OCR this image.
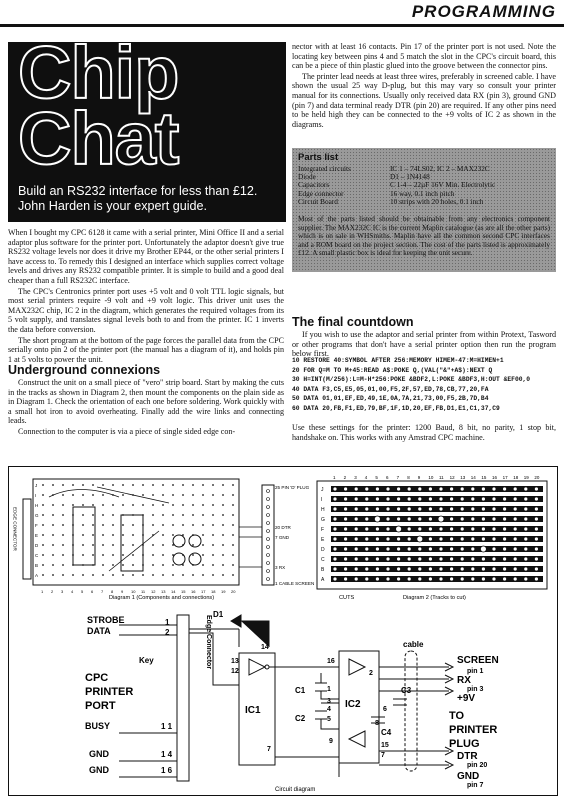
PROGRAMMING
Chip
Chat
Build an RS232 interface for less than £12. John Harden is your expert guide.

When I bought my CPC 6128 it came with a serial printer, Mini Office II and a serial adaptor plus software for the printer port. Unfortunately the adaptor doesn't give true RS232 voltage levels nor does it drive my Brother EP44, or the other serial printers I have access to. To remedy this I designed an interface which supplies correct voltage levels and drives any RS232 compatible printer. It is simple to build and a good deal cheaper than a full RS232C interface.

The CPC's Centronics printer port uses +5 volt and 0 volt TTL logic signals, but most serial printers require -9 volt and +9 volt logic. This driver unit uses the MAX232C chip, IC 2 in the diagram, which generates the required voltages from its 5 volt supply, and translates signal levels both to and from the printer. IC 1 inverts the data before conversion.

The short program at the bottom of the page forces the parallel data from the CPC serially onto pin 2 of the printer port (the manual has a diagram of it), and holds pin 1 at 5 volts to power the unit.

Underground connexions

Construct the unit on a small piece of "vero" strip board. Start by making the cuts in the tracks as shown in Diagram 2, then mount the components on the plain side as in Diagram 1. Check the orientation of each one before soldering. Work quickly with a small hot iron to avoid overheating. Finally add the wire links and connecting leads.

Connection to the computer is via a piece of single sided edge con-

nector with at least 16 contacts. Pin 17 of the printer port is not used. Note the locating key between pins 4 and 5 match the slot in the CPC's circuit board, this can be a piece of thin plastic glued into the groove between the connector pins.

The printer lead needs at least three wires, preferably in screened cable. I have shown the usual 25 way D-plug, but this may vary so consult your printer manual for its connections. Usually only received data RX (pin 3), ground GND (pin 7) and data terminal ready DTR (pin 20) are required. If any other pins need to be held high they can be connected to the +9 volts of IC 2 as shown in the diagrams.

Parts list
Integrated circuits	IC 1 – 74LS02, IC 2 – MAX232C
Diode	D1 – 1N4148
Capacitors	C 1-4 – 22µF 16V Min. Electrolytic
Edge connector	16 way, 0.1 inch pitch
Circuit Board	10 strips with 20 holes, 0.1 inch
Most of the parts listed should be obtainable from any electronics component supplier. The MAX232C IC is the current Maplin catalogue (as are all the other parts) which is on sale in WHSmiths. Maplin have all the common second CPC interfaces and a ROM board on the project section. The cost of the parts listed is approximately £12. A small plastic box is ideal for keeping the unit secure.
The final countdown

If you wish to use the adaptor and serial printer from within Protext, Tasword or other programs that don't have a serial printer option then run the program below first.

10 RESTORE 40:SYMBOL AFTER 256:MEMORY HIMEM-47:M=HIMEN+1
20 FOR Q=M TO M+45:READ A$:POKE Q,(VAL("&"+A$):NEXT Q
30 H=INT(M/256):L=M-H*256:POKE &BDF2,L:POKE &BDF3,H:OUT &EF00,0
40 DATA F3,C5,E5,05,01,00,F5,2F,57,ED,78,CB,77,20,FA
50 DATA 01,01,EF,ED,49,1E,0A,7A,21,73,00,F5,2B,7D,B4
60 DATA 20,FB,F1,ED,79,BF,1F,1D,20,EF,FB,D1,E1,C1,37,C9

Use these settings for the printer: 1200 Baud, 8 bit, no parity, 1 stop bit, handshake on. This works with any Amstrad CPC machine.

J
I
H
G
F
E
D
C
B
A
1 2 3 4 5 6 7 8 9 10 11 12 13 14 15 16 17 18 19 20
EDGE CONNECTOR
25 PIN 'D' PLUG
20 DTR
7 GND
3 RX
1 CABLE SCREEN
Diagram 1 (Components and connections)
J
I
H
G
F
E
D
C
B
A
1 2 3 4 5 6 7 8 9 10 11 12 13 14 15 16 17 18 19 20
CUTS	Diagram 2 (Tracks to cut)
STROBE
DATA
1
2
Key
CPC
PRINTER
PORT
BUSY
GND
GND
1 1
1 4
1 6
Edge Connector
D1
IC1
13
12
14
7
IC2
16
2
1
4
3
5
15
6
9
8
7
C1
C2
C4
cable
SCREEN
pin 1
RX
pin 3
+9V
TO
PRINTER
PLUG
DTR
pin 20
GND
pin 7
Circuit diagram
